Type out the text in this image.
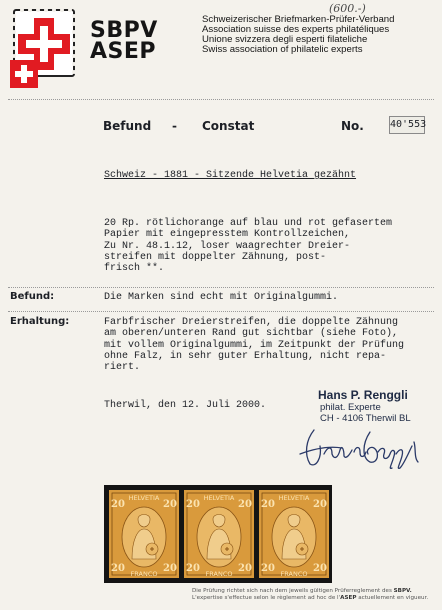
(600.-)
SBPV
ASEP
Schweizerischer Briefmarken-Prüfer-Verband
Association suisse des experts philatéliques
Unione svizzera degli esperti filateliche
Swiss association of philatelic experts
Befund - Constat	No.	40'553
Schweiz - 1881 - Sitzende Helvetia gezähnt
20 Rp. rötlichorange auf blau und rot gefasertem
Papier mit eingepresstem Kontrollzeichen,
Zu Nr. 48.1.12, loser waagrechter Dreier-
streifen mit doppelter Zähnung, post-
frisch **.
Befund:	Die Marken sind echt mit Originalgummi.
Erhaltung:	Farbfrischer Dreierstreifen, die doppelte Zähnung
am oberen/unteren Rand gut sichtbar (siehe Foto),
mit vollem Originalgummi, im Zeitpunkt der Prüfung
ohne Falz, in sehr guter Erhaltung, nicht repa-
riert.
Therwil, den 12. Juli 2000.
Hans P. Renggli
philat. Experte
CH - 4106 Therwil BL
HELVETIA
20	20
20	20
FRANCO
HELVETIA
20	20
20	20
FRANCO
HELVETIA
20	20
20	20
FRANCO
Die Prüfung richtet sich nach dem jeweils gültigen Prüferreglement des SBPV.
L'expertise s'effectue selon le règlement ad hoc de l'ASEP actuellement en vigueur.
